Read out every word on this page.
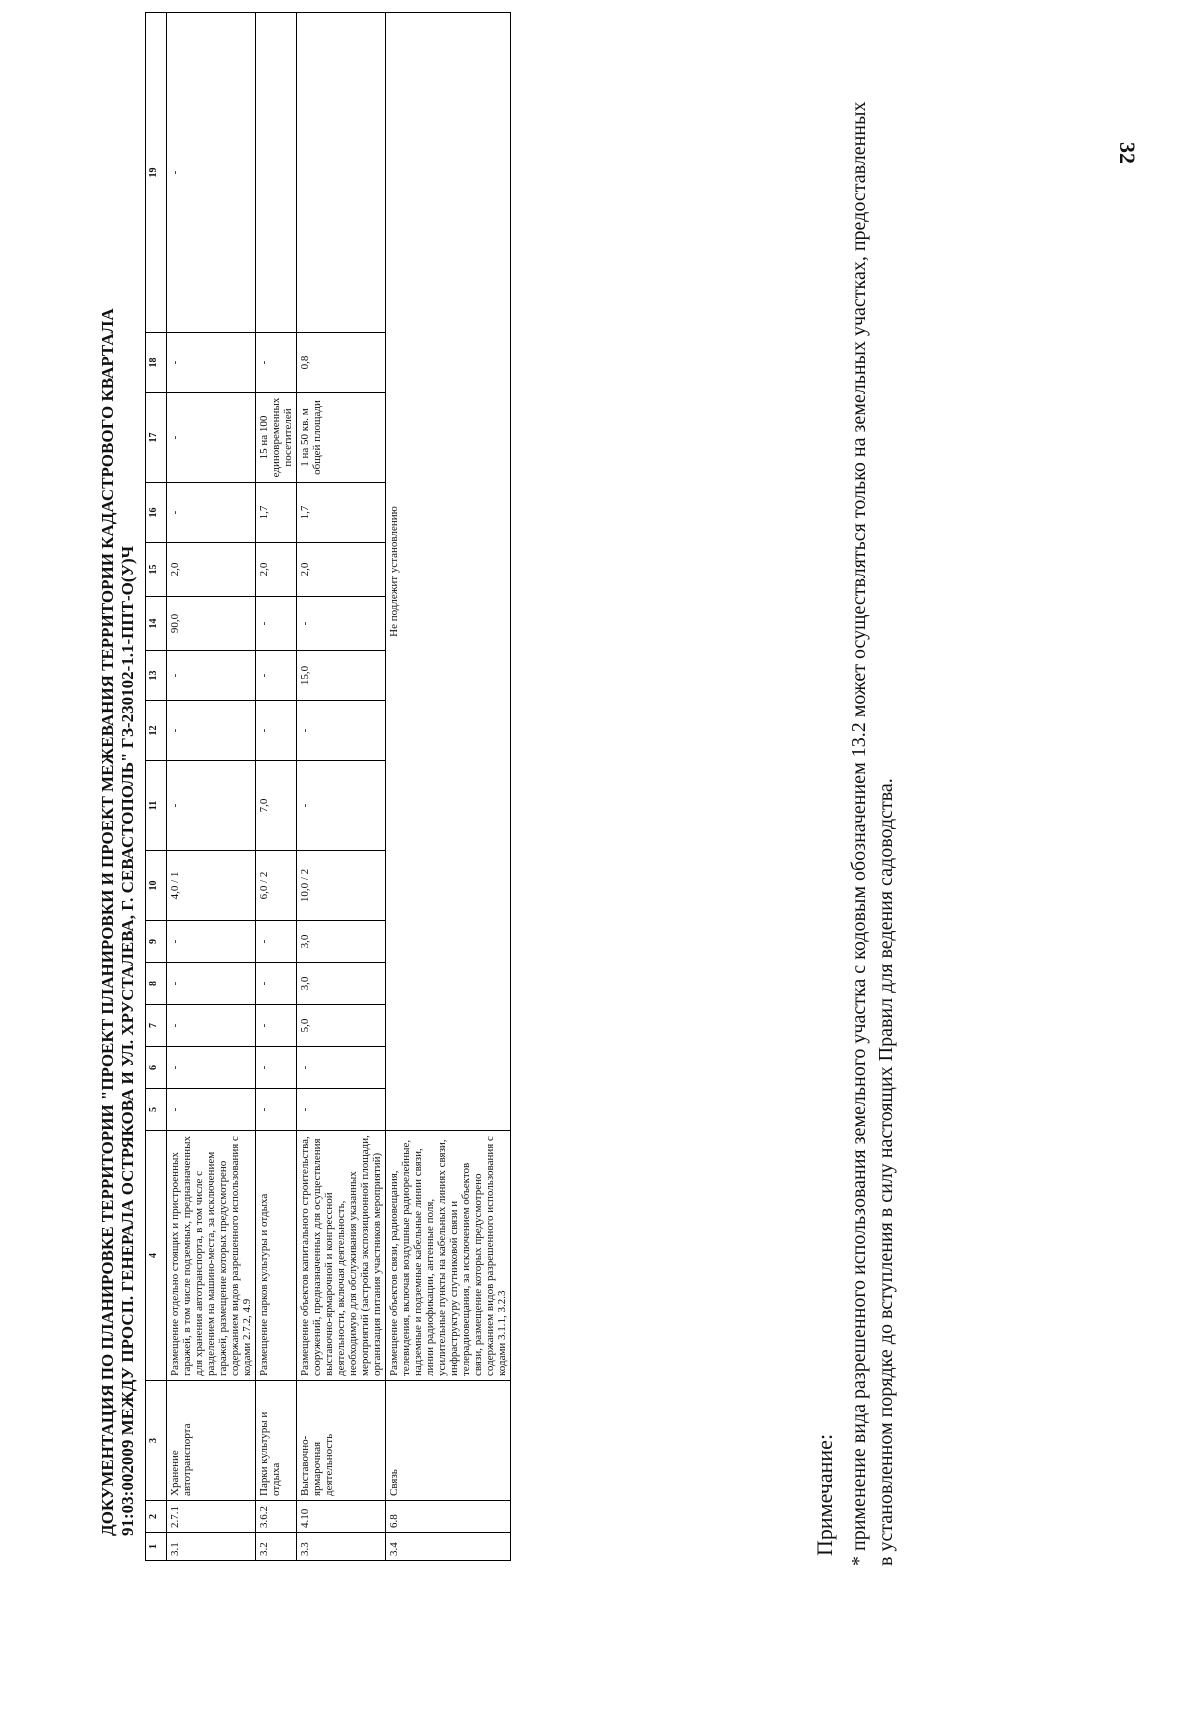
32
ДОКУМЕНТАЦИЯ ПО ПЛАНИРОВКЕ ТЕРРИТОРИИ "ПРОЕКТ ПЛАНИРОВКИ И ПРОЕКТ МЕЖЕВАНИЯ ТЕРРИТОРИИ КАДАСТРОВОГО КВАРТАЛА 91:03:002009 МЕЖДУ ПРОСП. ГЕНЕРАЛА ОСТРЯКОВА И УЛ. ХРУСТАЛЕВА, Г. СЕВАСТОПОЛЬ" ГЗ-230102-1.1-ППТ-О(У)Ч
1	2	3	4	5	6	7	8	9	10	11	12	13	14	15	16	17	18	19
3.1	2.7.1	Хранение автотранспорта	Размещение отдельно стоящих и пристроенных гаражей, в том числе подземных, предназначенных для хранения автотранспорта, в том числе с разделением на машино-места, за исключением гаражей, размещение которых предусмотрено содержанием видов разрешенного использования с кодами 2.7.2, 4.9	-	-	-	-	-	4,0 / 1	-	-	-	90,0	2,0	-	-	-	-
3.2	3.6.2	Парки культуры и отдыха	Размещение парков культуры и отдыха	-	-	-	-	-	6,0 / 2	7,0	-	-	-	2,0	1,7	15 на 100 единовременных посетителей	-	
3.3	4.10	Выставочно-ярмарочная деятельность	Размещение объектов капитального строительства, сооружений, предназначенных для осуществления выставочно-ярмарочной и конгрессной деятельности, включая деятельность, необходимую для обслуживания указанных мероприятий (застройка экспозиционной площади, организация питания участников мероприятий)	-	-	5,0	3,0	3,0	10,0 / 2	-	-	15,0	-	2,0	1,7	1 на 50 кв. м общей площади	0,8	
3.4	6.8	Связь	Размещение объектов связи, радиовещания, телевидения, включая воздушные радиорелейные, надземные и подземные кабельные линии связи, линии радиофикации, антенные поля, усилительные пункты на кабельных линиях связи, инфраструктуру спутниковой связи и телерадиовещания, за исключением объектов связи, размещение которых предусмотрено содержанием видов разрешенного использования с кодами 3.1.1, 3.2.3	Не подлежит установлению														
Примечание: * применение вида разрешенного использования земельного участка с кодовым обозначением 13.2 может осуществляться только на земельных участках, предоставленных в установленном порядке до вступления в силу настоящих Правил для ведения садоводства.
